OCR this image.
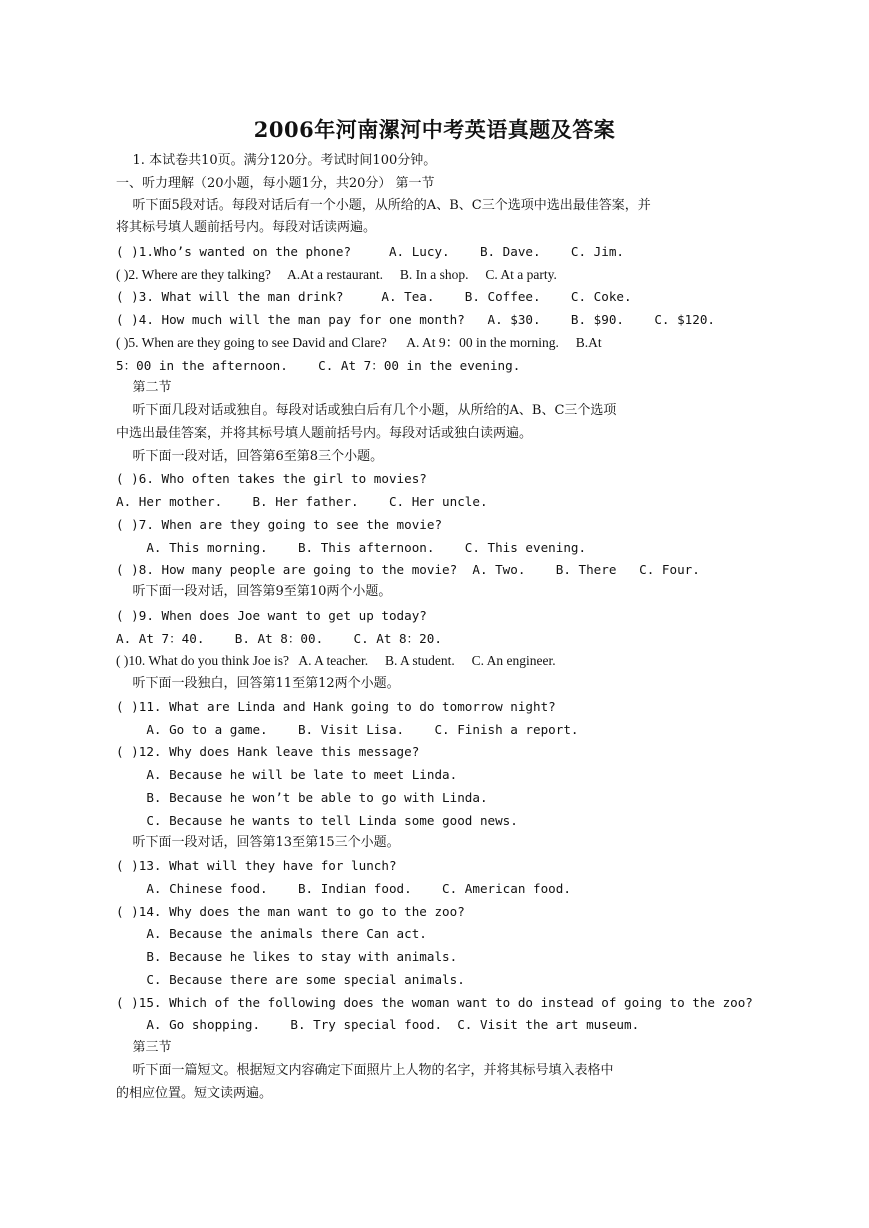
2006年河南漯河中考英语真题及答案
1. 本试卷共10页。满分120分。考试时间100分钟。
一、听力理解（20小题，每小题1分，共20分） 第一节
听下面5段对话。每段对话后有一个小题，从所给的A、B、C三个选项中选出最佳答案，并
将其标号填人题前括号内。每段对话读两遍。
( )1.Who’s wanted on the phone?     A. Lucy.    B. Dave.    C. Jim.
( )2. Where are they talking?     A.At a restaurant.     B. In a shop.     C. At a party.
( )3. What will the man drink?     A. Tea.    B. Coffee.    C. Coke.
( )4. How much will the man pay for one month?   A. $30.    B. $90.    C. $120.
( )5. When are they going to see David and Clare?      A. At 9：00 in the morning.     B.At
5：00 in the afternoon.    C. At 7：00 in the evening.
第二节
听下面几段对话或独自。每段对话或独白后有几个小题，从所给的A、B、C三个选项
中选出最佳答案，并将其标号填人题前括号内。每段对话或独白读两遍。
听下面一段对话，回答第6至第8三个小题。
( )6. Who often takes the girl to movies?
A. Her mother.    B. Her father.    C. Her uncle.
( )7. When are they going to see the movie?
A. This morning.    B. This afternoon.    C. This evening.
( )8. How many people are going to the movie?  A. Two.    B. There   C. Four.
听下面一段对话，回答第9至第10两个小题。
( )9. When does Joe want to get up today?
A. At 7：40.    B. At 8：00.    C. At 8：20.
( )10. What do you think Joe is?   A. A teacher.     B. A student.     C. An engineer.
听下面一段独白，回答第11至第12两个小题。
( )11. What are Linda and Hank going to do tomorrow night?
A. Go to a game.    B. Visit Lisa.    C. Finish a report.
( )12. Why does Hank leave this message?
A. Because he will be late to meet Linda.
B. Because he won’t be able to go with Linda.
C. Because he wants to tell Linda some good news.
听下面一段对话，回答第13至第15三个小题。
( )13. What will they have for lunch?
A. Chinese food.    B. Indian food.    C. American food.
( )14. Why does the man want to go to the zoo?
A. Because the animals there Can act.
B. Because he likes to stay with animals.
C. Because there are some special animals.
( )15. Which of the following does the woman want to do instead of going to the zoo?
A. Go shopping.    B. Try special food.  C. Visit the art museum.
第三节
听下面一篇短文。根据短文内容确定下面照片上人物的名字，并将其标号填入表格中
的相应位置。短文读两遍。
